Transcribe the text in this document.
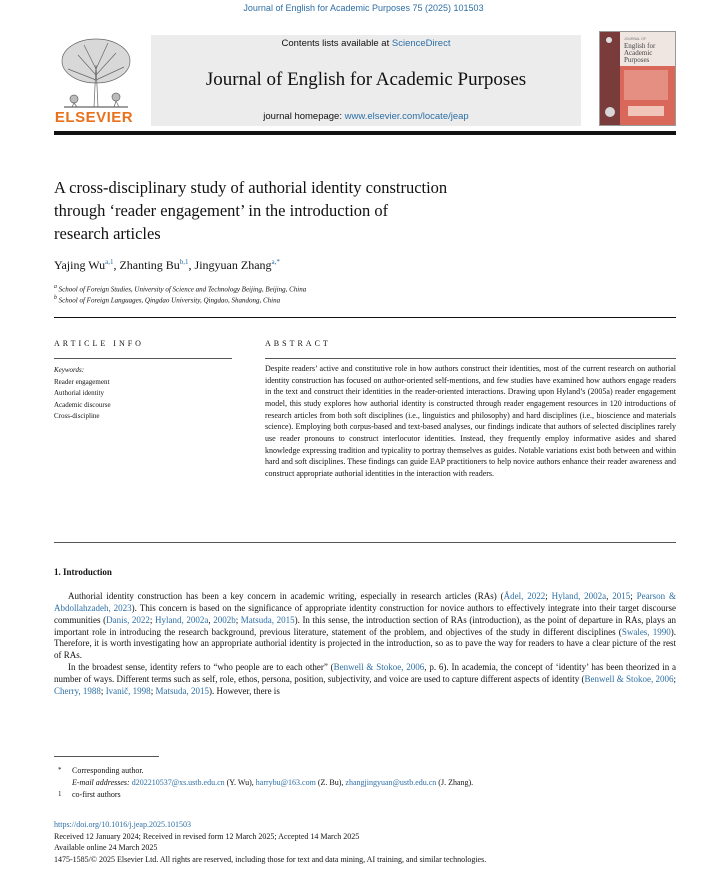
Journal of English for Academic Purposes 75 (2025) 101503
ELSEVIER
Contents lists available at ScienceDirect
Journal of English for Academic Purposes
journal homepage: www.elsevier.com/locate/jeap
JOURNAL OF
English for
Academic
Purposes
A cross-disciplinary study of authorial identity construction
through ‘reader engagement’ in the introduction of
research articles
Yajing Wu$^{a,1}$, Zhanting Bu$^{b,1}$, Jingyuan Zhang$^{a,*}$
$^a$ School of Foreign Studies, University of Science and Technology Beijing, Beijing, China
$^b$ School of Foreign Languages, Qingdao University, Qingdao, Shandong, China
ARTICLE INFO	ABSTRACT
Keywords:
Reader engagement
Authorial identity
Academic discourse
Cross-discipline
Despite readers’ active and constitutive role in how authors construct their identities, most of the current research on authorial identity construction has focused on author-oriented self-mentions, and few studies have examined how authors engage readers in the text and construct their identities in the reader-oriented interactions. Drawing upon Hyland’s (2005a) reader engagement model, this study explores how authorial identity is constructed through reader engagement resources in 120 introductions of research articles from both soft disciplines (i.e., linguistics and philosophy) and hard disciplines (i.e., bioscience and materials science). Employing both corpus-based and text-based analyses, our findings indicate that authors of selected disciplines rarely use reader pronouns to construct interlocutor identities. Instead, they frequently employ informative asides and shared knowledge expressing tradition and typicality to portray themselves as guides. Notable variations exist both between and within hard and soft disciplines. These findings can guide EAP practitioners to help novice authors enhance their reader awareness and construct appropriate authorial identities in the interaction with readers.
1. Introduction

Authorial identity construction has been a key concern in academic writing, especially in research articles (RAs) (Ådel, 2022; Hyland, 2002a, 2015; Pearson & Abdollahzadeh, 2023). This concern is based on the significance of appropriate identity construction for novice authors to effectively integrate into their target discourse communities (Danis, 2022; Hyland, 2002a, 2002b; Matsuda, 2015). In this sense, the introduction section of RAs (introduction), as the point of departure in RAs, plays an important role in introducing the research background, previous literature, statement of the problem, and objectives of the study in different disciplines (Swales, 1990). Therefore, it is worth investigating how an appropriate authorial identity is projected in the introduction, so as to pave the way for readers to have a clear picture of the rest of RAs.

In the broadest sense, identity refers to “who people are to each other” (Benwell & Stokoe, 2006, p. 6). In academia, the concept of ‘identity’ has been theorized in a number of ways. Different terms such as self, role, ethos, persona, position, subjectivity, and voice are used to capture different aspects of identity (Benwell & Stokoe, 2006; Cherry, 1988; Ivanič, 1998; Matsuda, 2015). However, there is

* Corresponding author.
E-mail addresses: d202210537@xs.ustb.edu.cn (Y. Wu), harrybu@163.com (Z. Bu), zhangjingyuan@ustb.edu.cn (J. Zhang).
1 co-first authors
https://doi.org/10.1016/j.jeap.2025.101503
Received 12 January 2024; Received in revised form 12 March 2025; Accepted 14 March 2025
Available online 24 March 2025
1475-1585/© 2025 Elsevier Ltd. All rights are reserved, including those for text and data mining, AI training, and similar technologies.
